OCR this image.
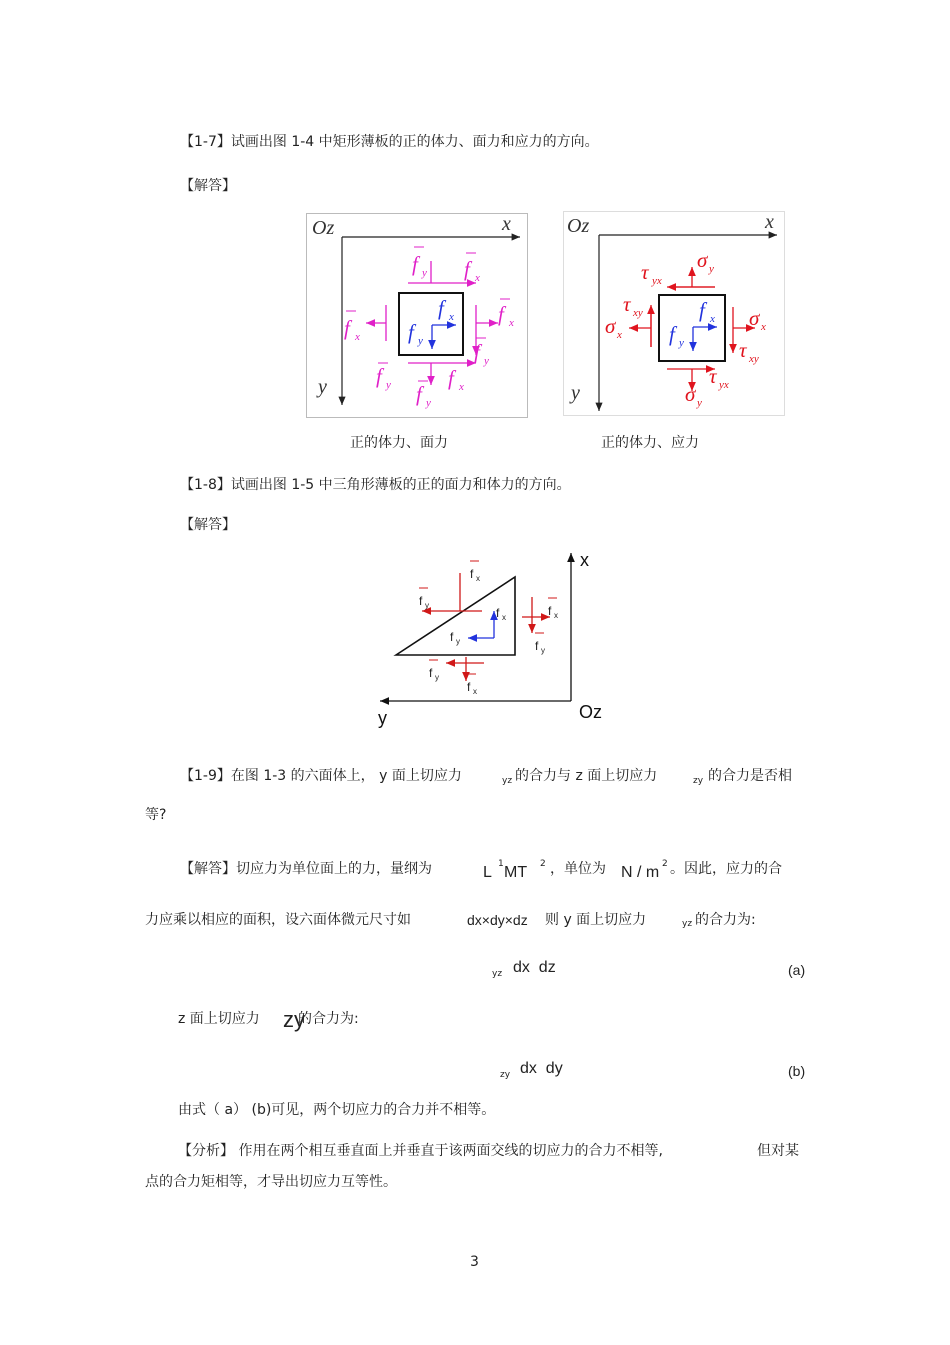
【1-7】试画出图 1-4 中矩形薄板的正的体力、面力和应力的方向。
【解答】
Oz	x
y
f y f x
f x
f x
f y
f y f y
f x
f x
f y
Oz	x
y
σ y
τ yx
τ xy
σ x
σ x
τ xy
τ yx
σ y
f x
f y
正的体力、面力	正的体力、应力
【1-8】试画出图 1-5 中三角形薄板的正的面力和体力的方向。
【解答】
x
y	Oz
f x
f y
f x
f y
f x
f y
f y
f x
【1-9】在图 1-3 的六面体上， y 面上切应力	yz 的合力与 z 面上切应力	zy 的合力是否相
等?
【解答】切应力为单位面上的力，量纲为	L 1 MT 2 ，单位为 N / m 2 。因此，应力的合
力应乘以相应的面积，设六面体微元尺寸如	dx×dy×dz 则 y 面上切应力	yz 的合力为:
yz dx  dz	(a)
z 面上切应力 zy
的合力为:
zy dx  dy	(b)
由式（ a） (b)可见，两个切应力的合力并不相等。
【分析】 作用在两个相互垂直面上并垂直于该两面交线的切应力的合力不相等,	但对某
点的合力矩相等，才导出切应力互等性。
3
